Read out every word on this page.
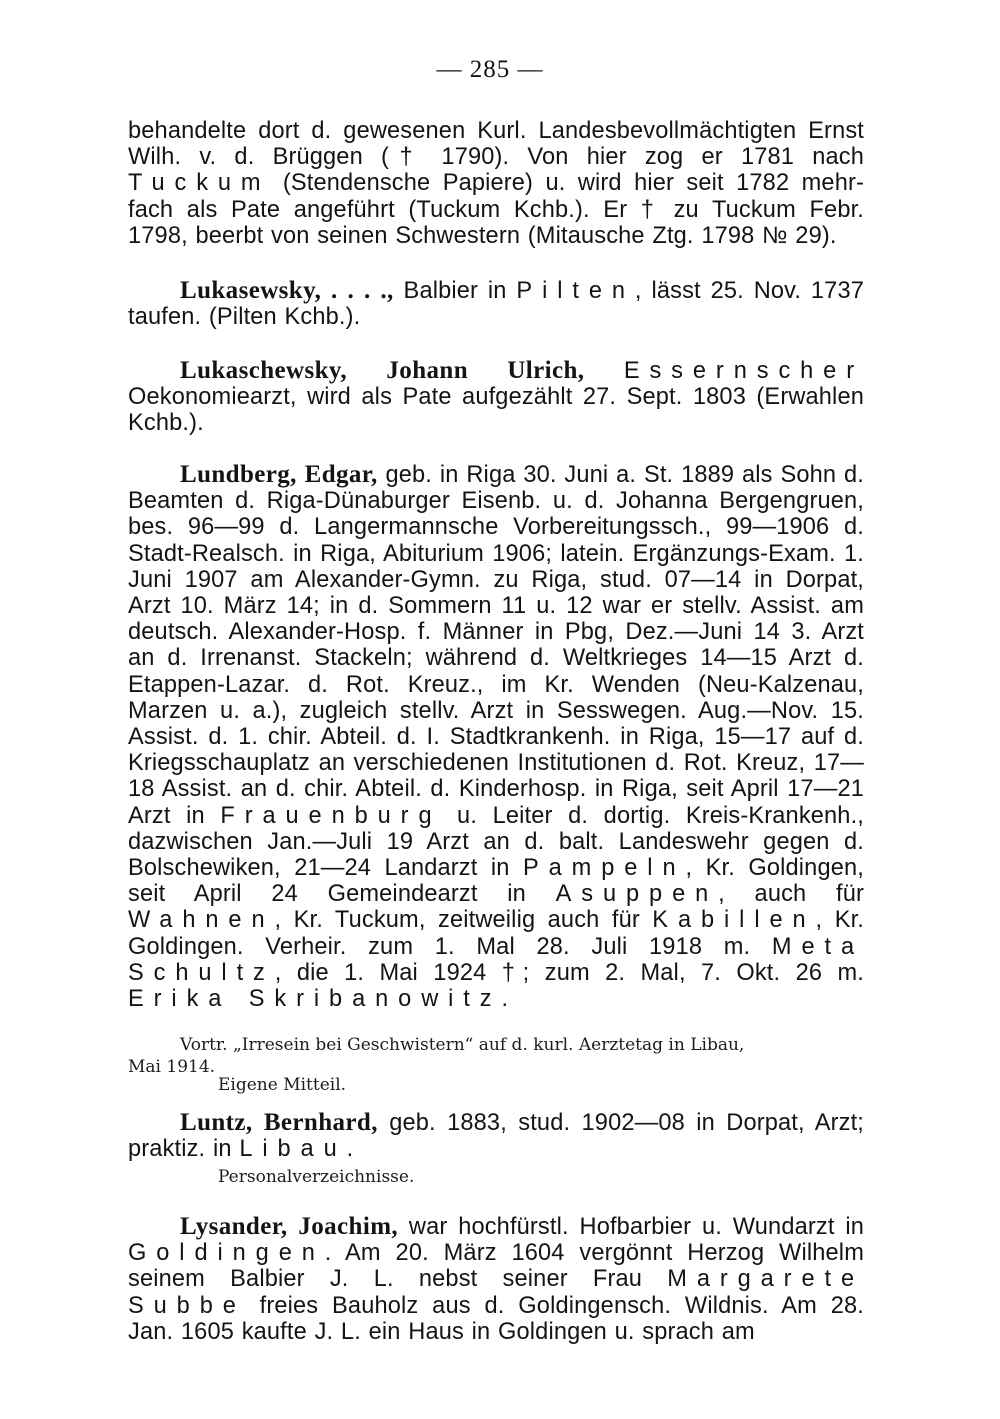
— 285 —
behandelte dort d. gewesenen Kurl. Landesbevollmächtigten Ernst Wilh. v. d. Brüggen († 1790). Von hier zog er 1781 nach Tuckum (Stendensche Papiere) u. wird hier seit 1782 mehr- fach als Pate angeführt (Tuckum Kchb.). Er † zu Tuckum Febr. 1798, beerbt von seinen Schwestern (Mitausche Ztg. 1798 № 29).
Lukasewsky, . . . ., Balbier in Pilten, lässt 25. Nov. 1737 taufen. (Pilten Kchb.).
Lukaschewsky, Johann Ulrich, Essernscher Oekonomiearzt, wird als Pate aufgezählt 27. Sept. 1803 (Erwahlen Kchb.).
Lundberg, Edgar, geb. in Riga 30. Juni a. St. 1889 als Sohn d. Beamten d. Riga-Dünaburger Eisenb. u. d. Johanna Bergengruen, bes. 96—99 d. Langermannsche Vorbereitungssch., 99—1906 d. Stadt-Realsch. in Riga, Abiturium 1906; latein. Ergänzungs-Exam. 1. Juni 1907 am Alexander-Gymn. zu Riga, stud. 07—14 in Dorpat, Arzt 10. März 14; in d. Sommern 11 u. 12 war er stellv. Assist. am deutsch. Alexander-Hosp. f. Männer in Pbg, Dez.—Juni 14 3. Arzt an d. Irrenanst. Stackeln; während d. Weltkrieges 14—15 Arzt d. Etappen-Lazar. d. Rot. Kreuz., im Kr. Wenden (Neu-Kalzenau, Marzen u. a.), zugleich stellv. Arzt in Sesswegen. Aug.—Nov. 15. Assist. d. 1. chir. Abteil. d. I. Stadtkrankenh. in Riga, 15—17 auf d. Kriegsschauplatz an verschiedenen Institutionen d. Rot. Kreuz, 17—18 Assist. an d. chir. Abteil. d. Kinderhosp. in Riga, seit April 17—21 Arzt in Frauenburg u. Leiter d. dortig. Kreis-Krankenh., dazwischen Jan.—Juli 19 Arzt an d. balt. Landeswehr gegen d. Bolschewiken, 21—24 Landarzt in Pampeln, Kr. Goldingen, seit April 24 Gemeindearzt in Asuppen, auch für Wahnen, Kr. Tuckum, zeitweilig auch für Kabillen, Kr. Goldingen. Verheir. zum 1. Mal 28. Juli 1918 m. Meta Schultz, die 1. Mai 1924 †; zum 2. Mal, 7. Okt. 26 m. Erika Skribanowitz.
Vortr. „Irresein bei Geschwistern“ auf d. kurl. Aerztetag in Libau,
Mai 1914.
Eigene Mitteil.
Luntz, Bernhard, geb. 1883, stud. 1902—08 in Dorpat, Arzt; praktiz. in Libau.
Personalverzeichnisse.
Lysander, Joachim, war hochfürstl. Hofbarbier u. Wundarzt in Goldingen. Am 20. März 1604 vergönnt Herzog Wilhelm seinem Balbier J. L. nebst seiner Frau Margarete Subbe freies Bauholz aus d. Goldingensch. Wildnis. Am 28. Jan. 1605 kaufte J. L. ein Haus in Goldingen u. sprach am
